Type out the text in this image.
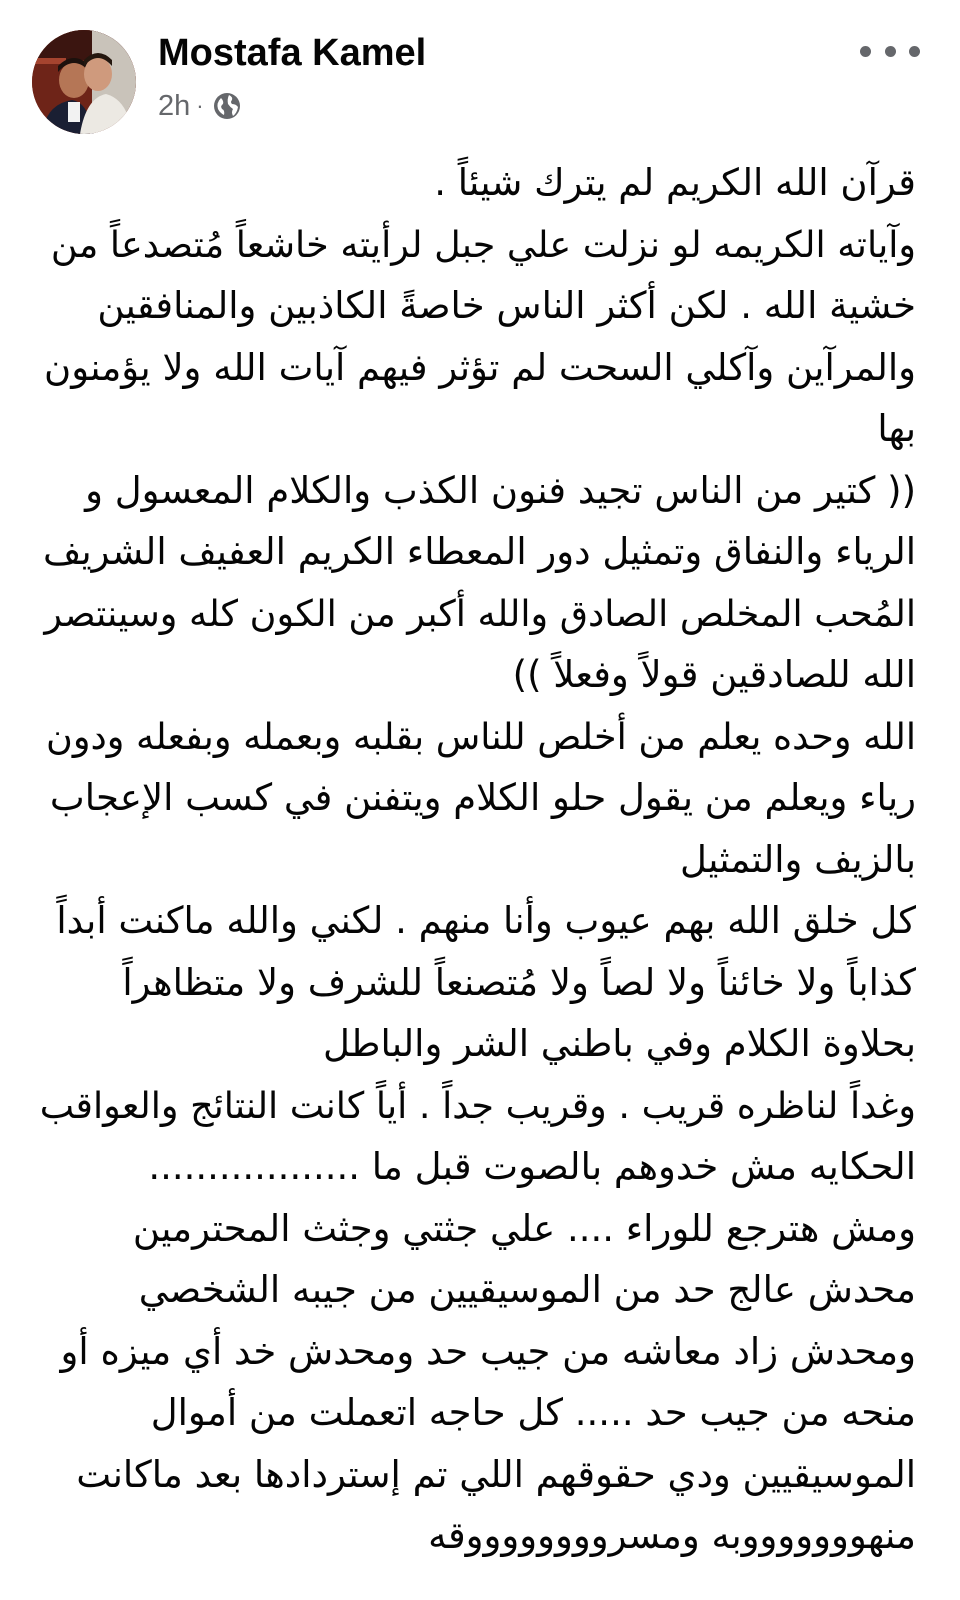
Mostafa Kamel
2h ·
قرآن الله الكريم لم يترك شيئاً .
وآياته الكريمه لو نزلت علي جبل لرأيته خاشعاً مُتصدعاً من
خشية الله . لكن أكثر الناس خاصةً الكاذبين والمنافقين
والمرآين وآكلي السحت لم تؤثر فيهم آيات الله ولا يؤمنون
بها
(( كتير من الناس تجيد فنون الكذب والكلام المعسول و
الرياء والنفاق وتمثيل دور المعطاء الكريم العفيف الشريف
المُحب المخلص الصادق والله أكبر من الكون كله وسينتصر
الله للصادقين قولاً وفعلاً ))
الله وحده يعلم من أخلص للناس بقلبه وبعمله وبفعله ودون
رياء ويعلم من يقول حلو الكلام ويتفنن في كسب الإعجاب
بالزيف والتمثيل
كل خلق الله بهم عيوب وأنا منهم . لكني والله ماكنت أبداً
كذاباً ولا خائناً ولا لصاً ولا مُتصنعاً للشرف ولا متظاهراً
بحلاوة الكلام وفي باطني الشر والباطل
وغداً لناظره قريب . وقريب جداً . أياً كانت النتائج والعواقب
الحكايه مش خدوهم بالصوت قبل ما ..................
ومش هترجع للوراء .... علي جثتي وجثث المحترمين
محدش عالج حد من الموسيقيين من جيبه الشخصي
ومحدش زاد معاشه من جيب حد ومحدش خد أي ميزه أو
منحه من جيب حد ..... كل حاجه اتعملت من أموال
الموسيقيين ودي حقوقهم اللي تم إستردادها بعد ماكانت
منهوووووووبه ومسرووووووووقه
